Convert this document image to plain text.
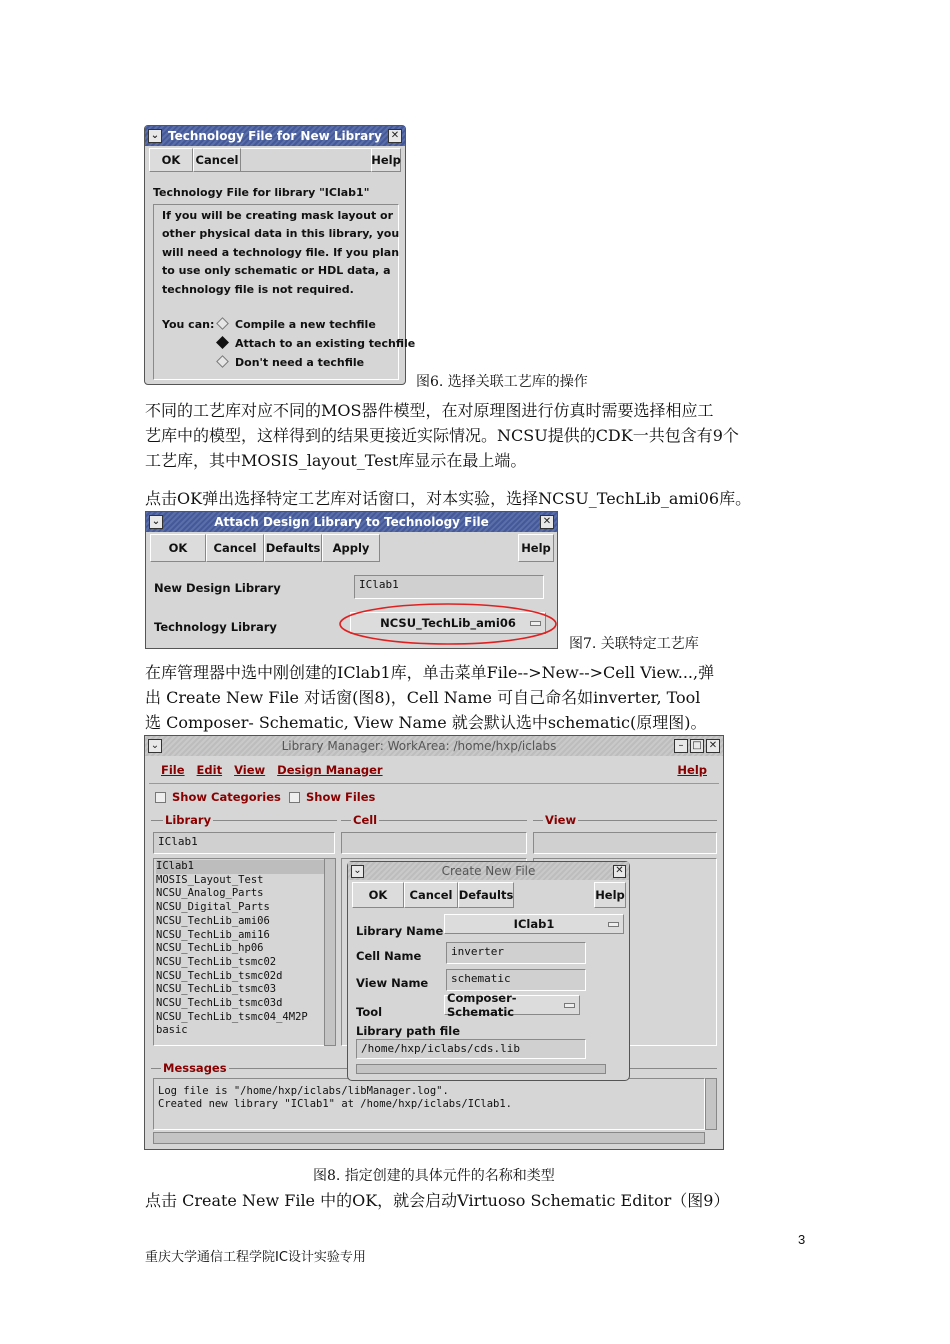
⌄ Technology File for New Library ✕
OK	Cancel	Help
Technology File for library "IClab1"
If you will be creating mask layout or
other physical data in this library, you
will need a technology file. If you plan
to use only schematic or HDL data, a
technology file is not required.
You can:	Compile a new techfile
Attach to an existing techfile
Don't need a techfile
图6. 选择关联工艺库的操作
不同的工艺库对应不同的MOS器件模型，在对原理图进行仿真时需要选择相应工
艺库中的模型，这样得到的结果更接近实际情况。NCSU提供的CDK一共包含有9个
工艺库，其中MOSIS_layout_Test库显示在最上端。
点击OK弹出选择特定工艺库对话窗口，对本实验，选择NCSU_TechLib_ami06库。
⌄	Attach Design Library to Technology File	✕
OK	Cancel Defaults	Apply	Help
New Design Library	IClab1
Technology Library	NCSU_TechLib_ami06
图7. 关联特定工艺库
在库管理器中选中刚创建的IClab1库，单击菜单File-->New-->Cell View...,弹
出 Create New File 对话窗(图8)，Cell Name 可自己命名如inverter, Tool
选 Composer- Schematic, View Name 就会默认选中schematic(原理图)。
⌄	Library Manager: WorkArea: /home/hxp/iclabs	– □ ✕
File Edit View Design Manager	Help
Show Categories	Show Files
Library	Cell	View
IClab1
IClab1
MOSIS_Layout_Test
NCSU_Analog_Parts
NCSU_Digital_Parts
NCSU_TechLib_ami06
NCSU_TechLib_ami16
NCSU_TechLib_hp06
NCSU_TechLib_tsmc02
NCSU_TechLib_tsmc02d
NCSU_TechLib_tsmc03
NCSU_TechLib_tsmc03d
NCSU_TechLib_tsmc04_4M2P
basic
Messages
Log file is "/home/hxp/iclabs/libManager.log".
Created new library "IClab1" at /home/hxp/iclabs/IClab1.
⌄	Create New File	✕
OK	Cancel Defaults	Help
Library Name	IClab1
Cell Name	inverter
View Name	schematic
Tool
Composer-Schematic
Library path file
/home/hxp/iclabs/cds.lib
图8. 指定创建的具体元件的名称和类型
点击 Create New File 中的OK，就会启动Virtuoso Schematic Editor（图9）
3
重庆大学通信工程学院IC设计实验专用
